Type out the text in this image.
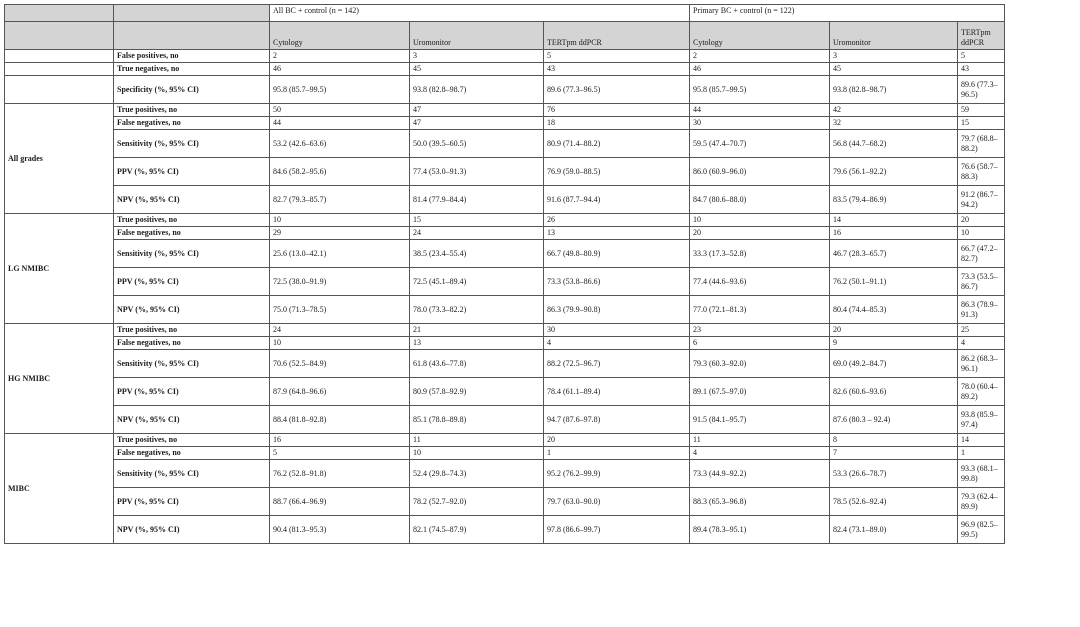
		All BC + control (n = 142)			Primary BC + control (n = 122)		
		Cytology	Uromonitor	TERTpm ddPCR	Cytology	Uromonitor	TERTpm ddPCR
	False positives, no	2	3	5	2	3	5
	True negatives, no	46	45	43	46	45	43
	Specificity (%, 95% CI)	95.8 (85.7–99.5)	93.8 (82.8–98.7)	89.6 (77.3–96.5)	95.8 (85.7–99.5)	93.8 (82.8–98.7)	89.6 (77.3–96.5)
All grades	True positives, no	50	47	76	44	42	59
	False negatives, no	44	47	18	30	32	15
	Sensitivity (%, 95% CI)	53.2 (42.6–63.6)	50.0 (39.5–60.5)	80.9 (71.4–88.2)	59.5 (47.4–70.7)	56.8 (44.7–68.2)	79.7 (68.8–88.2)
	PPV (%, 95% CI)	84.6 (58.2–95.6)	77.4 (53.0–91.3)	76.9 (59.0–88.5)	86.0 (60.9–96.0)	79.6 (56.1–92.2)	76.6 (58.7–88.3)
	NPV (%, 95% CI)	82.7 (79.3–85.7)	81.4 (77.9–84.4)	91.6 (87.7–94.4)	84.7 (80.6–88.0)	83.5 (79.4–86.9)	91.2 (86.7–94.2)
LG NMIBC	True positives, no	10	15	26	10	14	20
	False negatives, no	29	24	13	20	16	10
	Sensitivity (%, 95% CI)	25.6 (13.0–42.1)	38.5 (23.4–55.4)	66.7 (49.8–80.9)	33.3 (17.3–52.8)	46.7 (28.3–65.7)	66.7 (47.2–82.7)
	PPV (%, 95% CI)	72.5 (38.0–91.9)	72.5 (45.1–89.4)	73.3 (53.8–86.6)	77.4 (44.6–93.6)	76.2 (50.1–91.1)	73.3 (53.5–86.7)
	NPV (%, 95% CI)	75.0 (71.3–78.5)	78.0 (73.3–82.2)	86.3 (79.9–90.8)	77.0 (72.1–81.3)	80.4 (74.4–85.3)	86.3 (78.9–91.3)
HG NMIBC	True positives, no	24	21	30	23	20	25
	False negatives, no	10	13	4	6	9	4
	Sensitivity (%, 95% CI)	70.6 (52.5–84.9)	61.8 (43.6–77.8)	88.2 (72.5–96.7)	79.3 (60.3–92.0)	69.0 (49.2–84.7)	86.2 (68.3–96.1)
	PPV (%, 95% CI)	87.9 (64.8–96.6)	80.9 (57.8–92.9)	78.4 (61.1–89.4)	89.1 (67.5–97.0)	82.6 (60.6–93.6)	78.0 (60.4–89.2)
	NPV (%, 95% CI)	88.4 (81.8–92.8)	85.1 (78.8–89.8)	94.7 (87.6–97.8)	91.5 (84.1–95.7)	87.6 (80.3 – 92.4)	93.8 (85.9–97.4)
MIBC	True positives, no	16	11	20	11	8	14
	False negatives, no	5	10	1	4	7	1
	Sensitivity (%, 95% CI)	76.2 (52.8–91.8)	52.4 (29.8–74.3)	95.2 (76.2–99.9)	73.3 (44.9–92.2)	53.3 (26.6–78.7)	93.3 (68.1–99.8)
	PPV (%, 95% CI)	88.7 (66.4–96.9)	78.2 (52.7–92.0)	79.7 (63.0–90.0)	88.3 (65.3–96.8)	78.5 (52.6–92.4)	79.3 (62.4–89.9)
	NPV (%, 95% CI)	90.4 (81.3–95.3)	82.1 (74.5–87.9)	97.8 (86.6–99.7)	89.4 (78.3–95.1)	82.4 (73.1–89.0)	96.9 (82.5–99.5)
